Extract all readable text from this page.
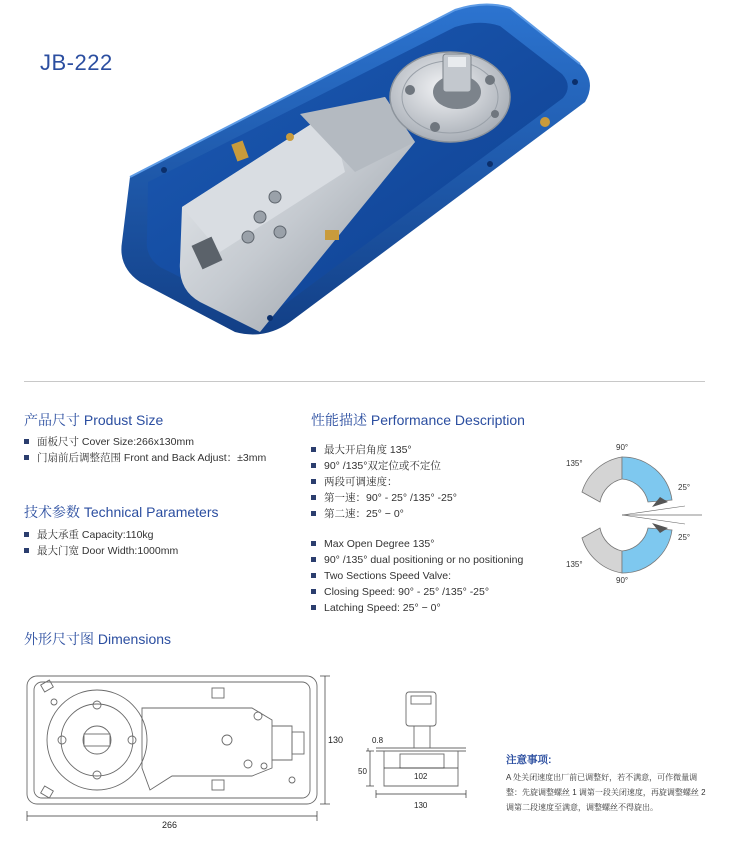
JB-222
产品尺寸 Produst Size
面板尺寸 Cover Size:266x130mm
门扇前后调整范围 Front and Back Adjust：±3mm
技术参数 Technical Parameters
最大承重 Capacity:110kg
最大门宽 Door Width:1000mm
性能描述 Performance Description
最大开启角度 135°
90° /135°双定位或不定位
两段可调速度：
第一速：90° - 25° /135° -25°
第二速：25° − 0°
Max Open Degree 135°
90° /135° dual positioning or no positioning
Two Sections Speed Valve:
Closing Speed: 90° - 25° /135° -25°
Latching Speed: 25° − 0°
90°
135°
25°
25°
135°
90°
外形尺寸图 Dimensions
266
130	0.8
50
102
130
注意事项:
A 处关闭速度出厂前已调整好，若不满意，可作微量调整：先旋调整螺丝 1 调第一段关闭速度，再旋调整螺丝 2 调第二段速度至满意，调整螺丝不得旋出。
